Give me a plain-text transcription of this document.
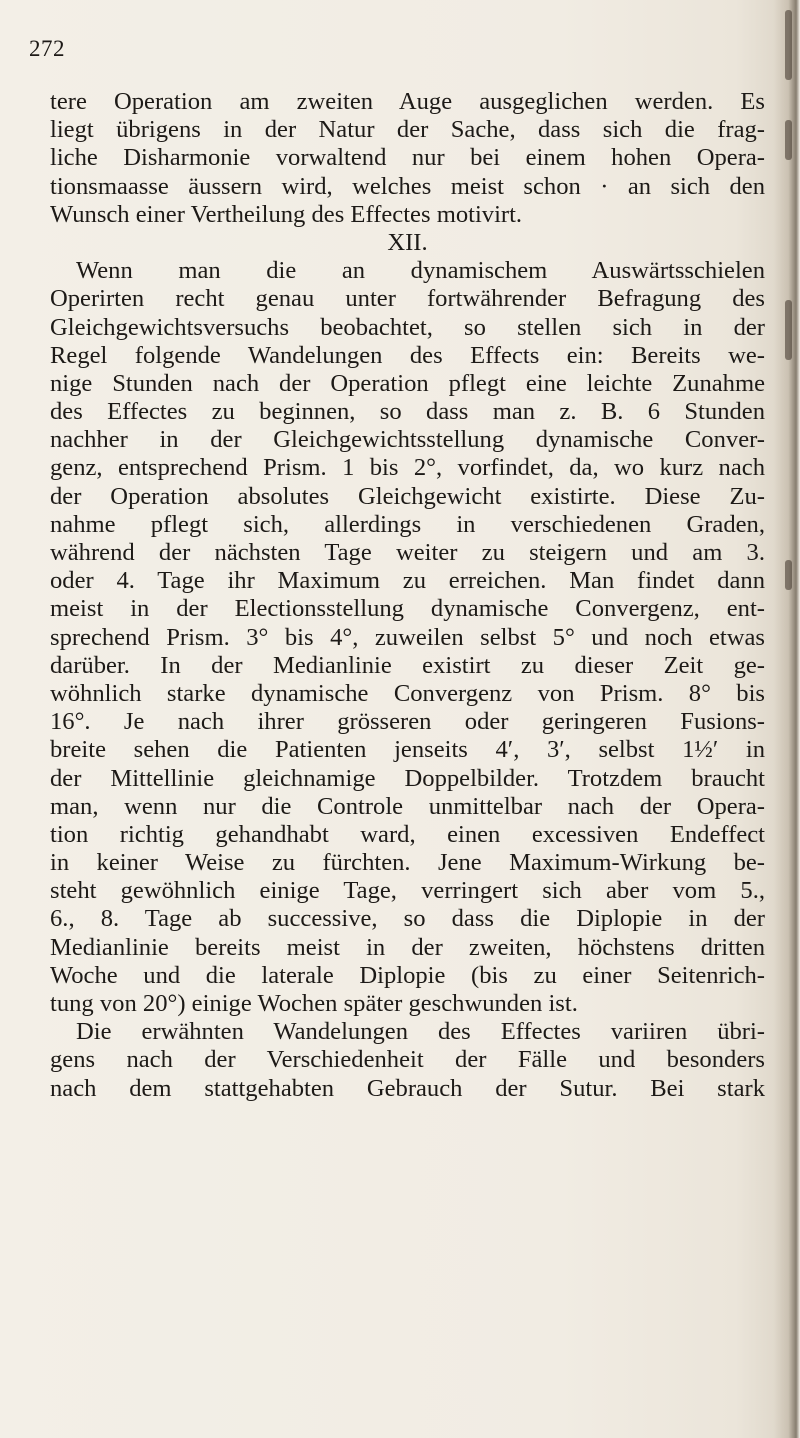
272
tere Operation am zweiten Auge ausgeglichen werden. Es
liegt übrigens in der Natur der Sache, dass sich die frag-
liche Disharmonie vorwaltend nur bei einem hohen Opera-
tionsmaasse äussern wird, welches meist schon · an sich den
Wunsch einer Vertheilung des Effectes motivirt.
XII.
Wenn man die an dynamischem Auswärtsschielen
Operirten recht genau unter fortwährender Befragung des
Gleichgewichtsversuchs beobachtet, so stellen sich in der
Regel folgende Wandelungen des Effects ein: Bereits we-
nige Stunden nach der Operation pflegt eine leichte Zunahme
des Effectes zu beginnen, so dass man z. B. 6 Stunden
nachher in der Gleichgewichtsstellung dynamische Conver-
genz, entsprechend Prism. 1 bis 2°, vorfindet, da, wo kurz nach
der Operation absolutes Gleichgewicht existirte. Diese Zu-
nahme pflegt sich, allerdings in verschiedenen Graden,
während der nächsten Tage weiter zu steigern und am 3.
oder 4. Tage ihr Maximum zu erreichen. Man findet dann
meist in der Electionsstellung dynamische Convergenz, ent-
sprechend Prism. 3° bis 4°, zuweilen selbst 5° und noch etwas
darüber. In der Medianlinie existirt zu dieser Zeit ge-
wöhnlich starke dynamische Convergenz von Prism. 8° bis
16°. Je nach ihrer grösseren oder geringeren Fusions-
breite sehen die Patienten jenseits 4′, 3′, selbst 1½′ in
der Mittellinie gleichnamige Doppelbilder. Trotzdem braucht
man, wenn nur die Controle unmittelbar nach der Opera-
tion richtig gehandhabt ward, einen excessiven Endeffect
in keiner Weise zu fürchten. Jene Maximum-Wirkung be-
steht gewöhnlich einige Tage, verringert sich aber vom 5.,
6., 8. Tage ab successive, so dass die Diplopie in der
Medianlinie bereits meist in der zweiten, höchstens dritten
Woche und die laterale Diplopie (bis zu einer Seitenrich-
tung von 20°) einige Wochen später geschwunden ist.
Die erwähnten Wandelungen des Effectes variiren übri-
gens nach der Verschiedenheit der Fälle und besonders
nach dem stattgehabten Gebrauch der Sutur. Bei stark
